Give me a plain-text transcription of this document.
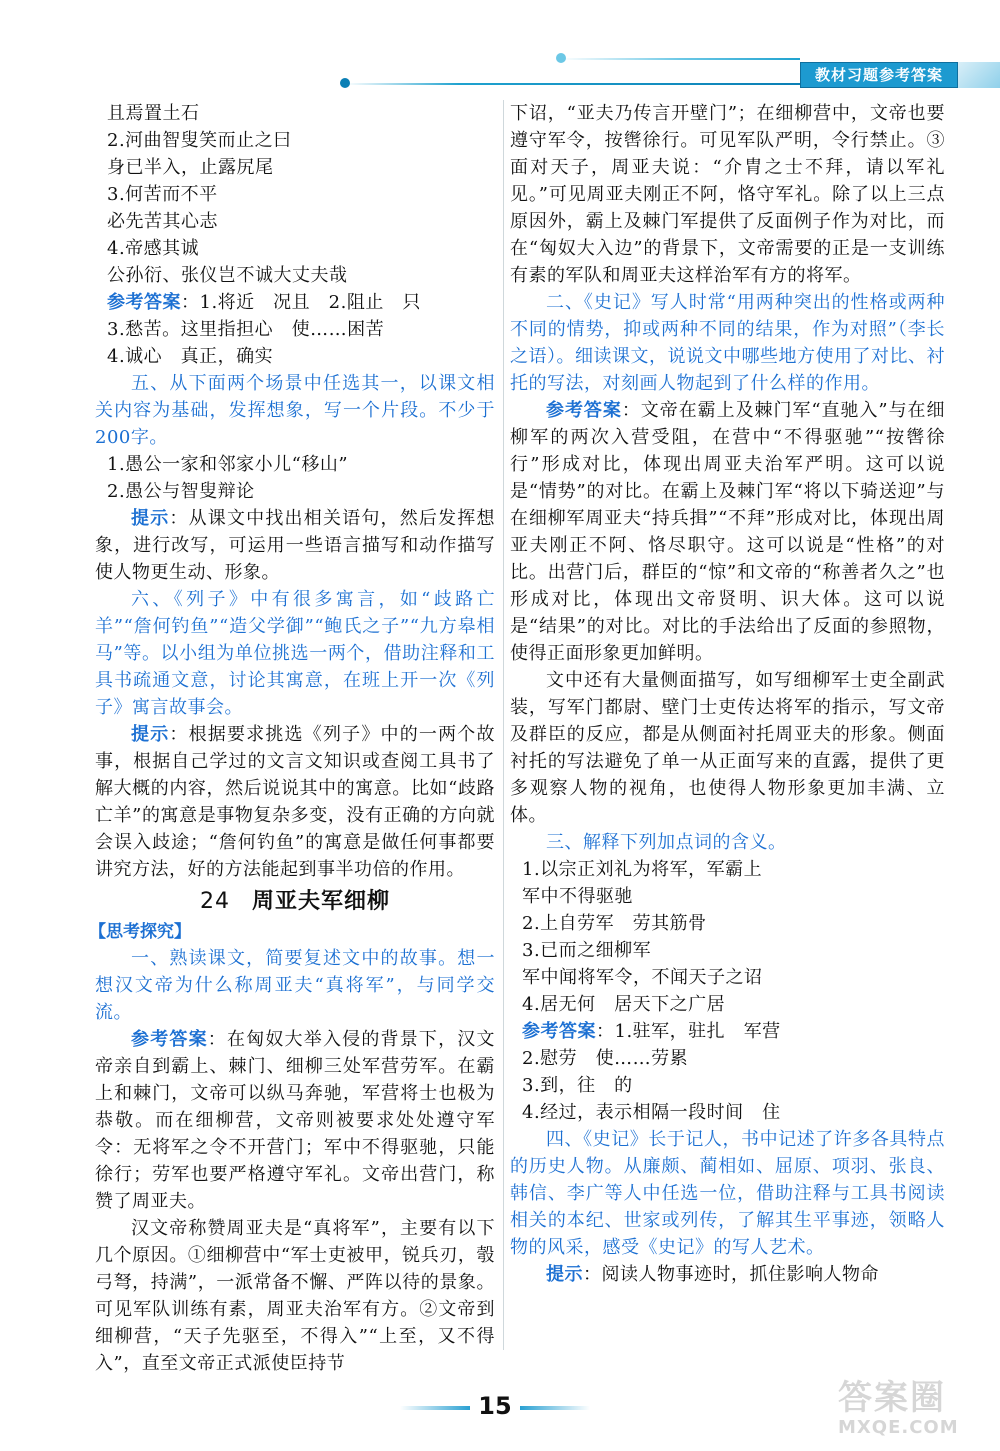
教材习题参考答案

且焉置土石

2.河曲智叟笑而止之曰

身已半入，止露尻尾

3.何苦而不平

必先苦其心志

4.帝感其诚

公孙衍、张仪岂不诚大丈夫哉

参考答案：1.将近　况且　2.阻止　只

3.愁苦。这里指担心　使……困苦

4.诚心　真正，确实

五、从下面两个场景中任选其一，以课文相关内容为基础，发挥想象，写一个片段。不少于200字。

1.愚公一家和邻家小儿“移山”

2.愚公与智叟辩论

提示：从课文中找出相关语句，然后发挥想象，进行改写，可运用一些语言描写和动作描写使人物更生动、形象。

六、《列子》中有很多寓言，如“歧路亡羊”“詹何钓鱼”“造父学御”“鲍氏之子”“九方皋相马”等。以小组为单位挑选一两个，借助注释和工具书疏通文意，讨论其寓意，在班上开一次《列子》寓言故事会。

提示：根据要求挑选《列子》中的一两个故事，根据自己学过的文言文知识或查阅工具书了解大概的内容，然后说说其中的寓意。比如“歧路亡羊”的寓意是事物复杂多变，没有正确的方向就会误入歧途；“詹何钓鱼”的寓意是做任何事都要讲究方法，好的方法能起到事半功倍的作用。

24 周亚夫军细柳

【思考探究】

一、熟读课文，简要复述文中的故事。想一想汉文帝为什么称周亚夫“真将军”，与同学交流。

参考答案：在匈奴大举入侵的背景下，汉文帝亲自到霸上、棘门、细柳三处军营劳军。在霸上和棘门，文帝可以纵马奔驰，军营将士也极为恭敬。而在细柳营，文帝则被要求处处遵守军令：无将军之令不开营门；军中不得驱驰，只能徐行；劳军也要严格遵守军礼。文帝出营门，称赞了周亚夫。

汉文帝称赞周亚夫是“真将军”，主要有以下几个原因。①细柳营中“军士吏被甲，锐兵刃，彀弓弩，持满”，一派常备不懈、严阵以待的景象。可见军队训练有素，周亚夫治军有方。②文帝到细柳营，“天子先驱至，不得入”“上至，又不得入”，直至文帝正式派使臣持节

下诏，“亚夫乃传言开壁门”；在细柳营中，文帝也要遵守军令，按辔徐行。可见军队严明，令行禁止。③面对天子，周亚夫说：“介胄之士不拜，请以军礼见。”可见周亚夫刚正不阿，恪守军礼。除了以上三点原因外，霸上及棘门军提供了反面例子作为对比，而在“匈奴大入边”的背景下，文帝需要的正是一支训练有素的军队和周亚夫这样治军有方的将军。

二、《史记》写人时常“用两种突出的性格或两种不同的情势，抑或两种不同的结果，作为对照”（李长之语）。细读课文，说说文中哪些地方使用了对比、衬托的写法，对刻画人物起到了什么样的作用。

参考答案：文帝在霸上及棘门军“直驰入”与在细柳军的两次入营受阻，在营中“不得驱驰”“按辔徐行”形成对比，体现出周亚夫治军严明。这可以说是“情势”的对比。在霸上及棘门军“将以下骑送迎”与在细柳军周亚夫“持兵揖”“不拜”形成对比，体现出周亚夫刚正不阿、恪尽职守。这可以说是“性格”的对比。出营门后，群臣的“惊”和文帝的“称善者久之”也形成对比，体现出文帝贤明、识大体。这可以说是“结果”的对比。对比的手法给出了反面的参照物，使得正面形象更加鲜明。

文中还有大量侧面描写，如写细柳军士吏全副武装，写军门都尉、壁门士吏传达将军的指示，写文帝及群臣的反应，都是从侧面衬托周亚夫的形象。侧面衬托的写法避免了单一从正面写来的直露，提供了更多观察人物的视角，也使得人物形象更加丰满、立体。

三、解释下列加点词的含义。

1.以宗正刘礼为将军，军霸上

军中不得驱驰

2.上自劳军　劳其筋骨

3.已而之细柳军

军中闻将军令，不闻天子之诏

4.居无何　居天下之广居

参考答案：1.驻军，驻扎　军营

2.慰劳　使……劳累

3.到，往　的

4.经过，表示相隔一段时间　住

四、《史记》长于记人，书中记述了许多各具特点的历史人物。从廉颇、蔺相如、屈原、项羽、张良、韩信、李广等人中任选一位，借助注释与工具书阅读相关的本纪、世家或列传，了解其生平事迹，领略人物的风采，感受《史记》的写人艺术。

提示：阅读人物事迹时，抓住影响人物命

15	答案圈
MXQE.COM
